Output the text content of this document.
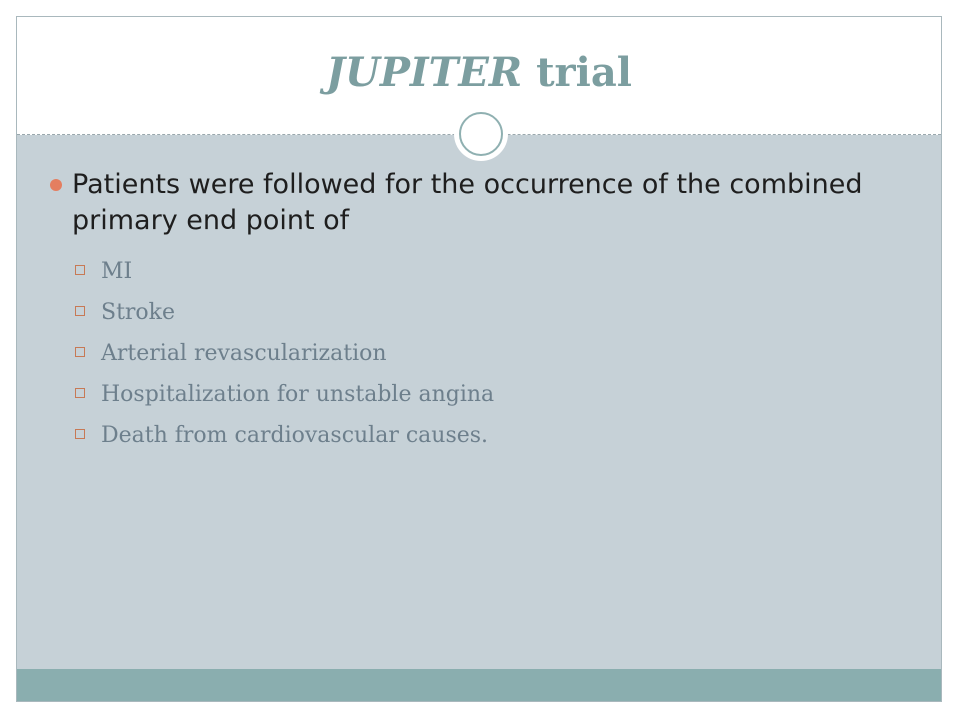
JUPITER trial
Patients were followed for the occurrence of the combined primary end point of
MI
Stroke
Arterial revascularization
Hospitalization for unstable angina
Death from cardiovascular causes.
